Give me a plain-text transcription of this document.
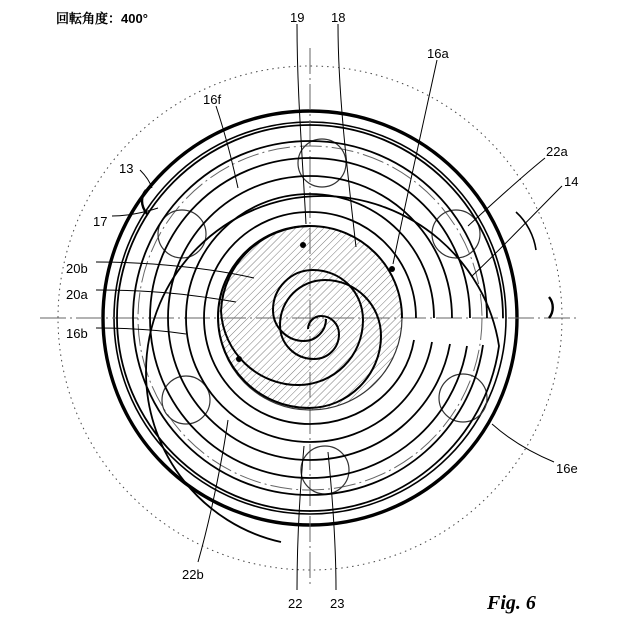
回転角度：400°	19 18
16a
16f
22a
13
14
17
20b
20a
16b
16e
22b
22 23	Fig. 6
